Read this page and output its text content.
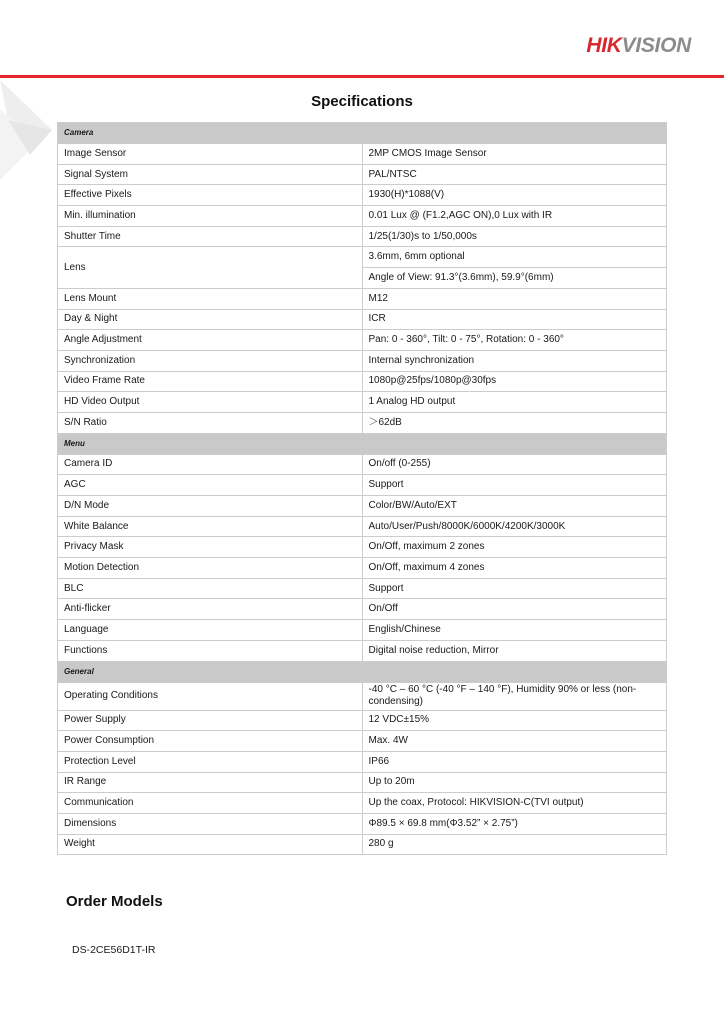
HIKVISION
Specifications
Camera	
Image Sensor	2MP CMOS Image Sensor
Signal System	PAL/NTSC
Effective Pixels	1930(H)*1088(V)
Min. illumination	0.01 Lux @ (F1.2,AGC ON),0 Lux with IR
Shutter Time	1/25(1/30)s to 1/50,000s
Lens	3.6mm, 6mm optional
	Angle of View: 91.3°(3.6mm), 59.9°(6mm)
Lens Mount	M12
Day & Night	ICR
Angle Adjustment	Pan: 0 - 360°, Tilt: 0 - 75°, Rotation: 0 - 360°
Synchronization	Internal synchronization
Video Frame Rate	1080p@25fps/1080p@30fps
HD Video Output	1 Analog HD output
S/N Ratio	＞62dB
Menu	
Camera ID	On/off (0-255)
AGC	Support
D/N Mode	Color/BW/Auto/EXT
White Balance	Auto/User/Push/8000K/6000K/4200K/3000K
Privacy Mask	On/Off, maximum 2 zones
Motion Detection	On/Off, maximum 4 zones
BLC	Support
Anti-flicker	On/Off
Language	English/Chinese
Functions	Digital noise reduction, Mirror
General	
Operating Conditions	-40 °C – 60 °C (-40 °F – 140 °F), Humidity 90% or less (non-condensing)
Power Supply	12 VDC±15%
Power Consumption	Max. 4W
Protection Level	IP66
IR Range	Up to 20m
Communication	Up the coax, Protocol: HIKVISION-C(TVI output)
Dimensions	Φ89.5 × 69.8 mm(Φ3.52” × 2.75”)
Weight	280 g
Order Models
DS-2CE56D1T-IR
